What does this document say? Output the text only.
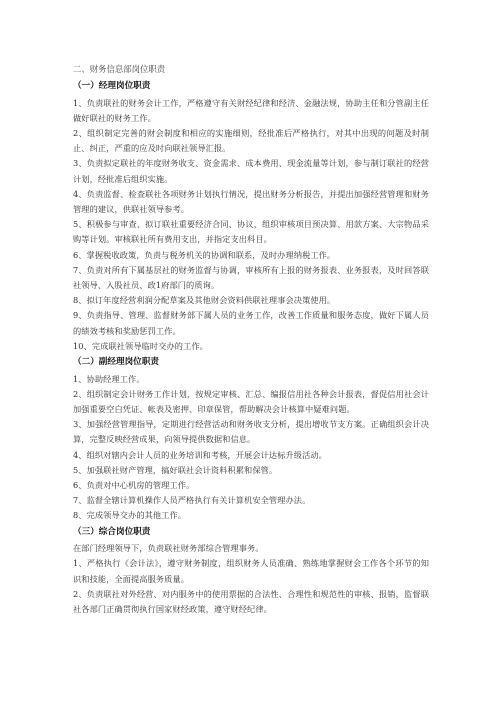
二、财务信息部岗位职责
（一）经理岗位职责

1、负责联社的财务会计工作，严格遵守有关财经纪律和经济、金融法规，协助主任和分管副主任做好联社的财务工作。

2、组织制定完善的财会制度和相应的实施细则，经批准后严格执行，对其中出现的问题及时制止、纠正，严重的应及时向联社领导汇报。

3、负责拟定联社的年度财务收支、资金需求、成本费用、现金流量等计划，参与制订联社的经营计划，经批准后组织实施。

4、负责监督、检查联社各项财务计划执行情况，提出财务分析报告，并提出加强经营管理和财务管理的建议，供联社领导参考。

5、积极参与审查、拟订联社重要经济合同、协议，组织审核项目预决算、用款方案、大宗物品采购等计划。审核联社所有费用支出，并指定支出科目。

6、掌握税收政策，负责与税务机关的协调和联系，及时办理纳税工作。

7、负责对所有下属基层社的财务监督与协调，审核所有上报的财务报表、业务报表，及时回答联社领导、入股社员、政1府部门的质询。

8、拟订年度经营利润分配草案及其他财会资料供联社理事会决策使用。

9、负责指导、管理、监督财务部下属人员的业务工作，改善工作质量和服务态度，做好下属人员的绩效考核和奖励惩罚工作。

10、完成联社领导临时交办的工作。

（二）副经理岗位职责

1、协助经理工作。

2、组织制定会计财务工作计划，按规定审核、汇总、编报信用社各种会计报表，督促信用社会计加强重要空白凭证、帐表及密押、印章保管，帮助解决会计核算中疑难问题。

3、加强经营管理指导，定期进行经营活动和财务收支分析，提出增收节支方案。正确组织会计决算，完整反映经营成果，向领导提供数据和信息。

4、组织对辖内会计人员的业务培训和考核，开展会计达标升级活动。

5、加强联社财产管理，搞好联社会计资料积累和保管。

6、负责对中心机房的管理工作。

7、监督全辖计算机操作人员严格执行有关计算机安全管理办法。

8、完成领导交办的其他工作。

（三）综合岗位职责

在部门经理领导下，负责联社财务部综合管理事务。

1、严格执行《会计法》，遵守财务制度，组织财务人员准确、熟练地掌握财会工作各个环节的知识和技能，全面提高服务质量。

2、负责联社对外经营、对内服务中的使用票据的合法性、合理性和规范性的审核、报销，监督联社各部门正确贯彻执行国家财经政策，遵守财经纪律。
